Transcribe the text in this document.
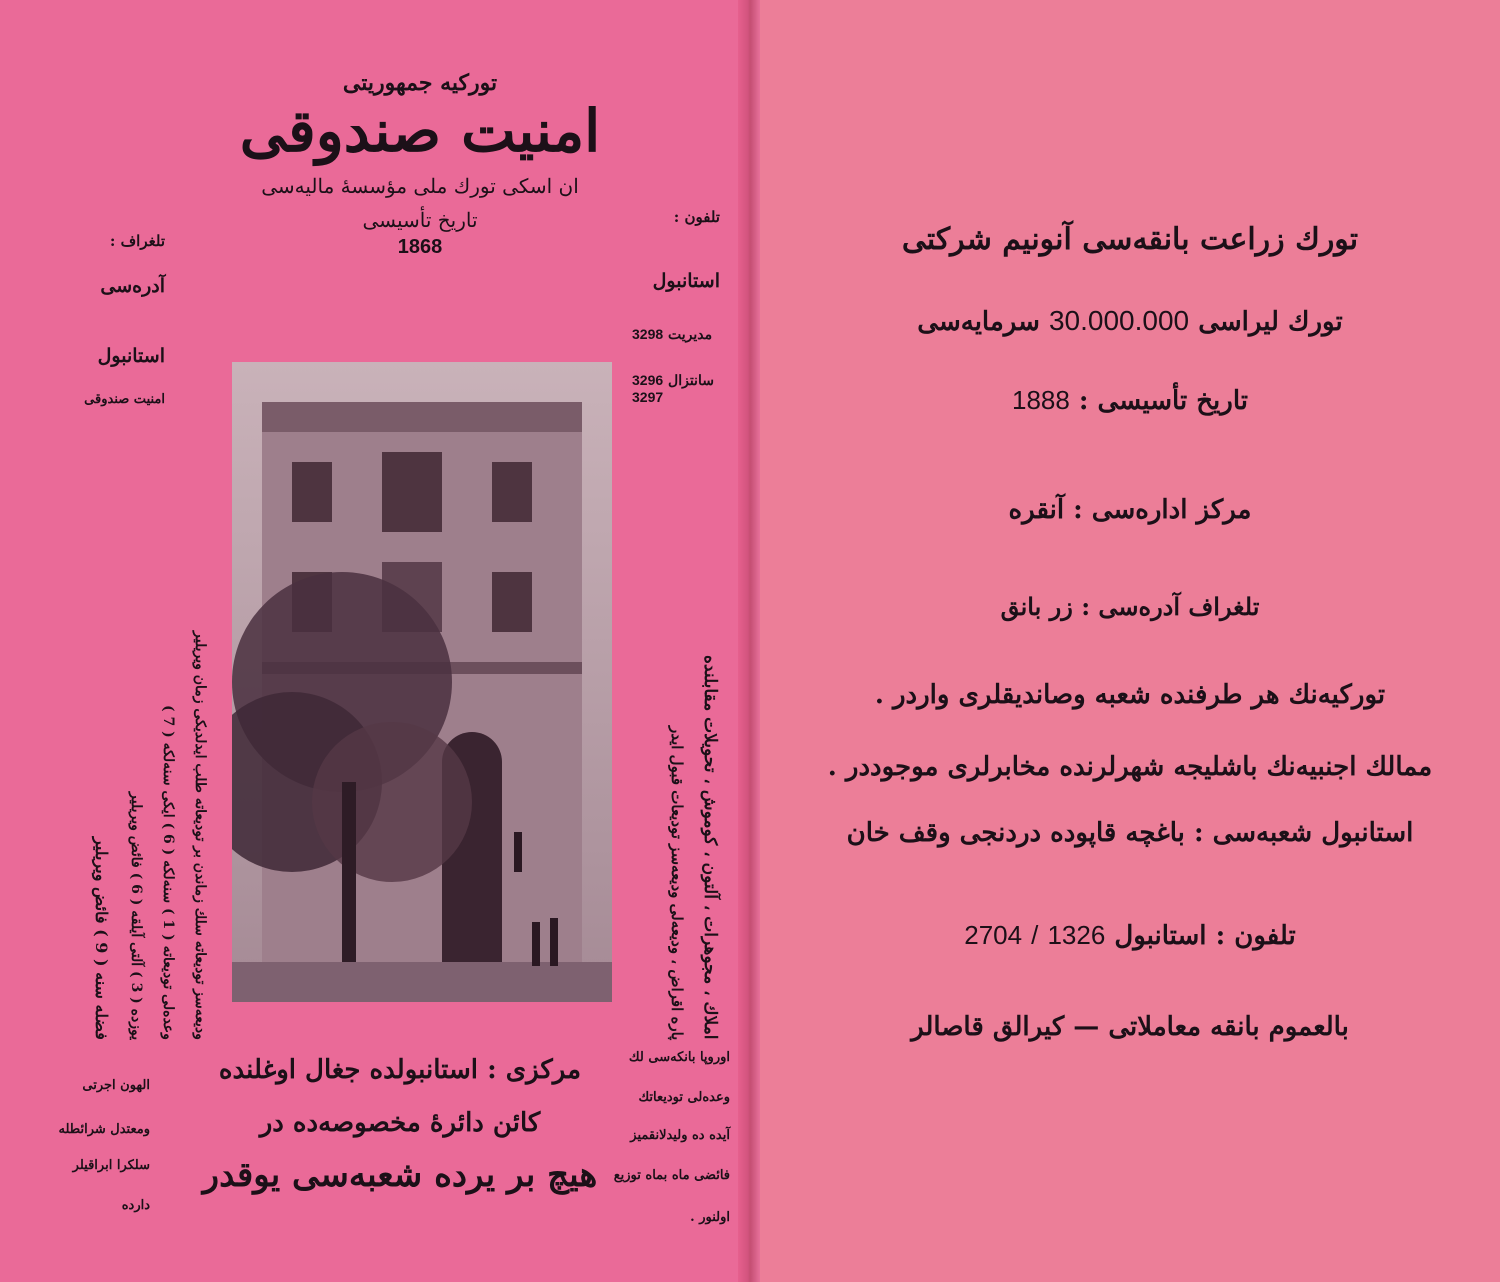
توركیه جمهوریتی
امنیت صندوقی
ان اسکی تورك ملی مؤسسهٔ مالیه‌سی
تاریخ تأسیسی
1868
تلغراف :
آدره‌سی
استانبول
امنیت صندوقی
تلفون :
استانبول
3298 مدیریت
3296 سانتزال
3297
املاك ، مجوهرات ، آلتون ، كوموش ، تحویلات مقابلنده
پاره اقراض ، ودیعه‌لی ودیعه‌سز تودیعات قبول ایدر
ودیعه‌سز تودیعاته سلك زماندن بر تودیعاته طلب ایدلدیکی زمان ویریلیر
وعده‌لی تودیعاته ( 1 ) سنه‌لکه ( 6 ) ایکی سنه‌لکه ( 7 )
یوزده ( 3 ) آلتی آیلقه ( 6 ) فائض ویریلیر
فضله سنه ( 9 ) فائض ویریلیر
مرکزی : استانبولده جغال اوغلنده
کائن دائرهٔ مخصوصه‌ده در
هیچ بر یرده شعبه‌سی یوقدر
اوروپا بانکه‌سی لك
وعده‌لی تودیعاتك
آیده ده ولیدلانقمیز
فائضی ماه بماه توزیع
اولنور .
الهون اجرتی
ومعتدل شرائطله
سلکرا ابراقیلر
دارده
تورك زراعت بانقه‌سی آنونیم شرکتی
سرمایه‌سی 30.000.000 تورك لیراسی
1888 تاریخ تأسیسی :
مرکز اداره‌سی : آنقره
تلغراف آدره‌سی : زر بانق
تورکیه‌نك هر طرفنده شعبه وصاندیقلری واردر .
ممالك اجنبیه‌نك باشلیجه شهرلرنده مخابرلری موجوددر .
استانبول شعبه‌سی : باغچه قاپوده دردنجی وقف خان
2704 / 1326 تلفون : استانبول
بالعموم بانقه معاملاتی — کیرالق قاصالر
